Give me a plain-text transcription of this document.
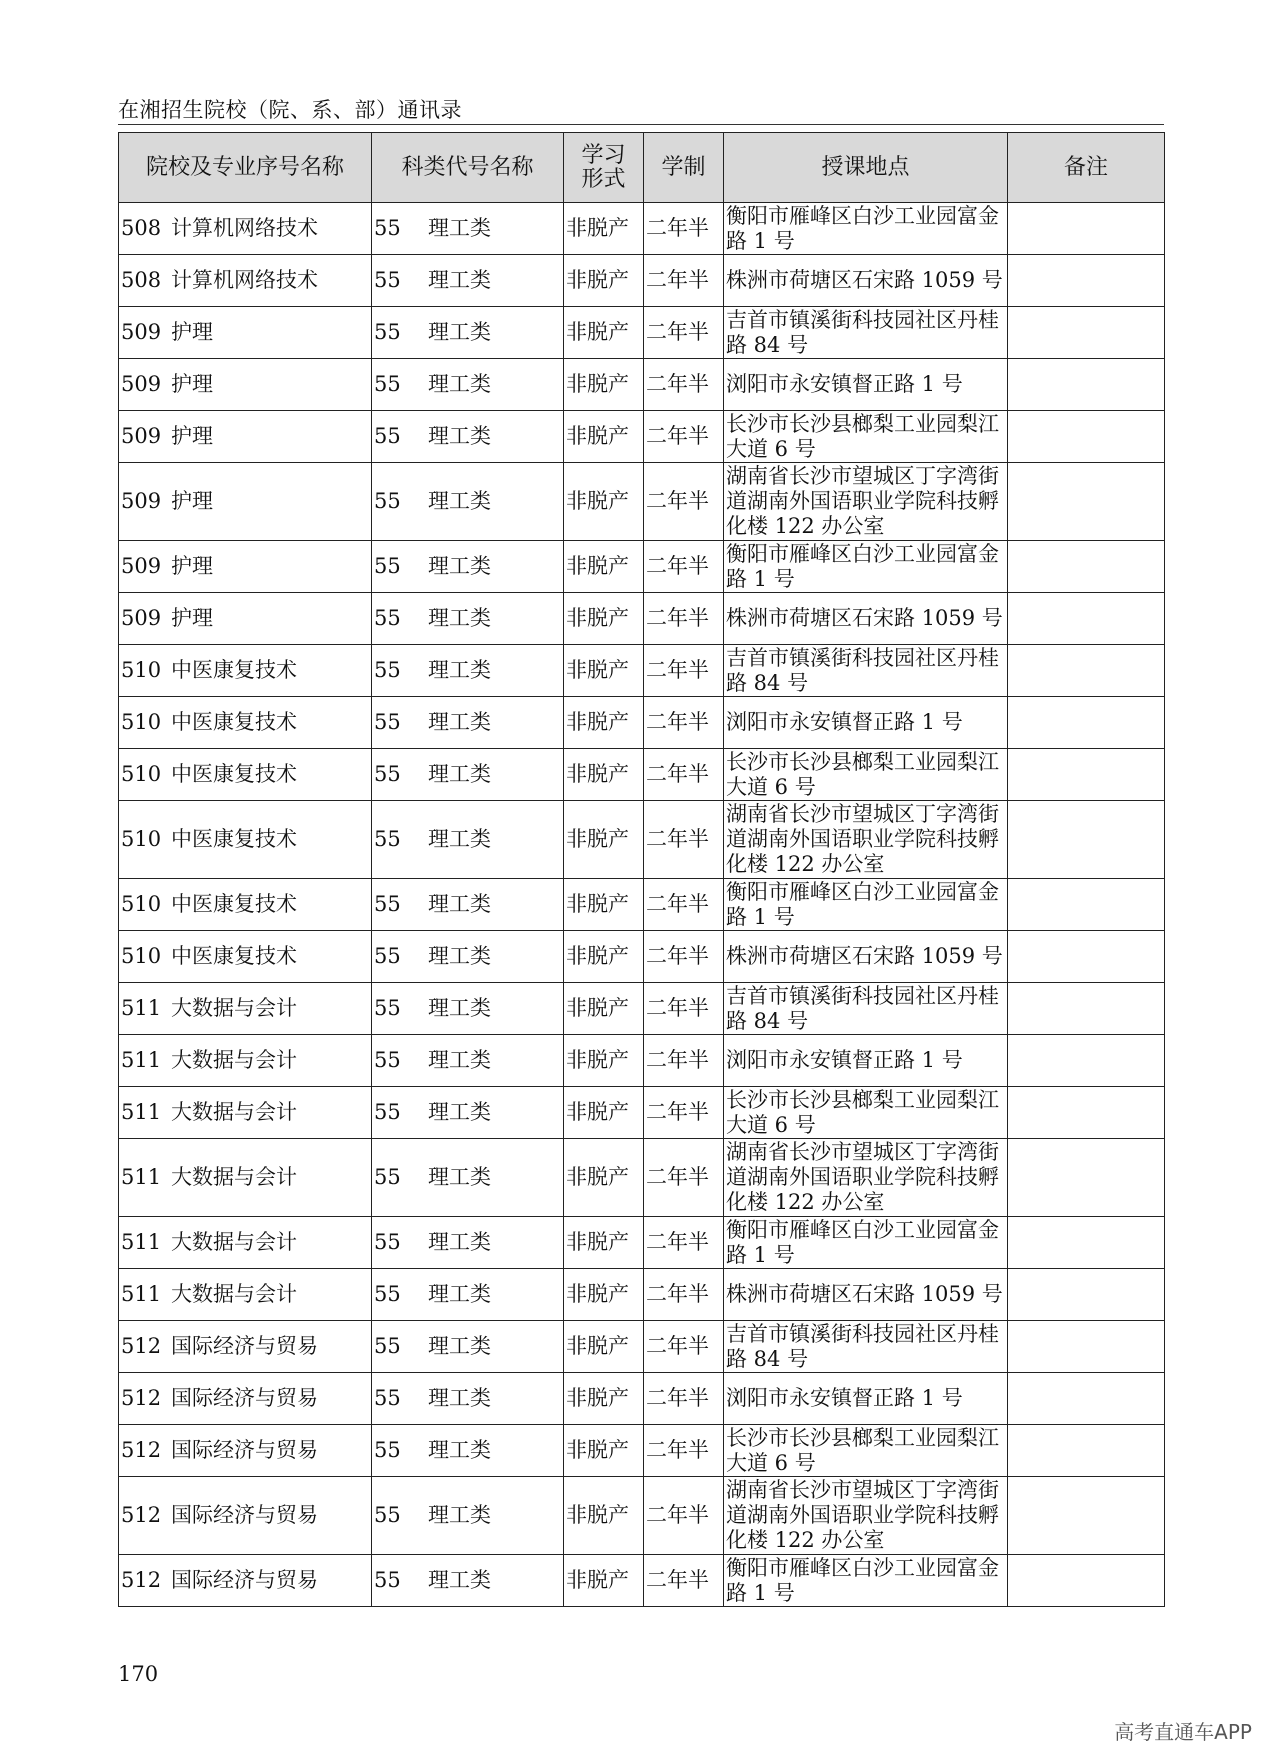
在湘招生院校（院、系、部）通讯录
院校及专业序号名称	科类代号名称	学习形式	学制	授课地点	备注
508 计算机网络技术	55 理工类	非脱产	二年半	衡阳市雁峰区白沙工业园富金路 1 号	
508 计算机网络技术	55 理工类	非脱产	二年半	株洲市荷塘区石宋路 1059 号	
509 护理	55 理工类	非脱产	二年半	吉首市镇溪街科技园社区丹桂路 84 号	
509 护理	55 理工类	非脱产	二年半	浏阳市永安镇督正路 1 号	
509 护理	55 理工类	非脱产	二年半	长沙市长沙县榔梨工业园梨江大道 6 号	
509 护理	55 理工类	非脱产	二年半	湖南省长沙市望城区丁字湾街道湖南外国语职业学院科技孵化楼 122 办公室	
509 护理	55 理工类	非脱产	二年半	衡阳市雁峰区白沙工业园富金路 1 号	
509 护理	55 理工类	非脱产	二年半	株洲市荷塘区石宋路 1059 号	
510 中医康复技术	55 理工类	非脱产	二年半	吉首市镇溪街科技园社区丹桂路 84 号	
510 中医康复技术	55 理工类	非脱产	二年半	浏阳市永安镇督正路 1 号	
510 中医康复技术	55 理工类	非脱产	二年半	长沙市长沙县榔梨工业园梨江大道 6 号	
510 中医康复技术	55 理工类	非脱产	二年半	湖南省长沙市望城区丁字湾街道湖南外国语职业学院科技孵化楼 122 办公室	
510 中医康复技术	55 理工类	非脱产	二年半	衡阳市雁峰区白沙工业园富金路 1 号	
510 中医康复技术	55 理工类	非脱产	二年半	株洲市荷塘区石宋路 1059 号	
511 大数据与会计	55 理工类	非脱产	二年半	吉首市镇溪街科技园社区丹桂路 84 号	
511 大数据与会计	55 理工类	非脱产	二年半	浏阳市永安镇督正路 1 号	
511 大数据与会计	55 理工类	非脱产	二年半	长沙市长沙县榔梨工业园梨江大道 6 号	
511 大数据与会计	55 理工类	非脱产	二年半	湖南省长沙市望城区丁字湾街道湖南外国语职业学院科技孵化楼 122 办公室	
511 大数据与会计	55 理工类	非脱产	二年半	衡阳市雁峰区白沙工业园富金路 1 号	
511 大数据与会计	55 理工类	非脱产	二年半	株洲市荷塘区石宋路 1059 号	
512 国际经济与贸易	55 理工类	非脱产	二年半	吉首市镇溪街科技园社区丹桂路 84 号	
512 国际经济与贸易	55 理工类	非脱产	二年半	浏阳市永安镇督正路 1 号	
512 国际经济与贸易	55 理工类	非脱产	二年半	长沙市长沙县榔梨工业园梨江大道 6 号	
512 国际经济与贸易	55 理工类	非脱产	二年半	湖南省长沙市望城区丁字湾街道湖南外国语职业学院科技孵化楼 122 办公室	
512 国际经济与贸易	55 理工类	非脱产	二年半	衡阳市雁峰区白沙工业园富金路 1 号	
170
高考直通车APP
